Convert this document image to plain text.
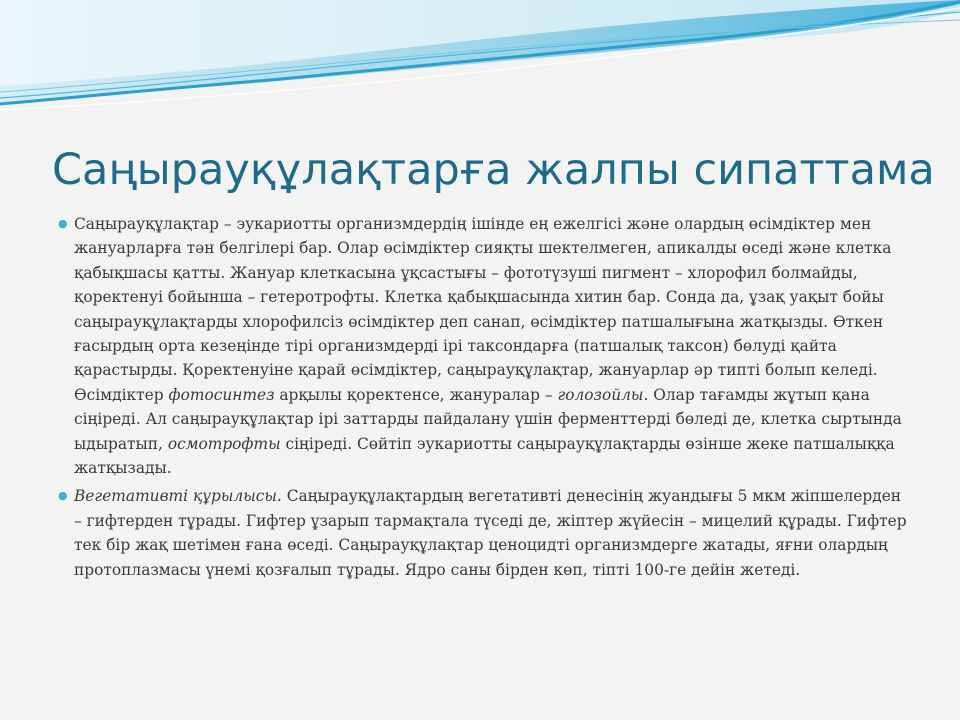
Саңырауқұлақтарға жалпы сипаттама
● Саңырауқұлақтар – эукариотты организмдердің ішінде ең ежелгісі және олардың өсімдіктер мен жануарларға тән белгілері бар. Олар өсімдіктер сияқты шектелмеген, апикалды өседі және клетка қабықшасы қатты. Жануар клеткасына ұқсастығы – фототүзуші пигмент – хлорофил болмайды, қоректенуі бойынша – гетеротрофты. Клетка қабықшасында хитин бар. Сонда да, ұзақ уақыт бойы саңырауқұлақтарды хлорофилсіз өсімдіктер деп санап, өсімдіктер патшалығына жатқызды. Өткен ғасырдың орта кезеңінде тірі организмдерді ірі таксондарға (патшалық таксон) бөлуді қайта қарастырды. Қоректенуіне қарай өсімдіктер, саңырауқұлақтар, жануарлар әр типті болып келеді. Өсімдіктер фотосинтез арқылы қоректенсе, жануралар – голозойлы. Олар тағамды жұтып қана сіңіреді. Ал саңырауқұлақтар ірі заттарды пайдалану үшін ферменттерді бөледі де, клетка сыртында ыдыратып, осмотрофты сіңіреді. Сөйтіп эукариотты саңырауқұлақтарды өзінше жеке патшалыққа жатқызады.

● Вегетативті құрылысы. Саңырауқұлақтардың вегетативті денесінің жуандығы 5 мкм жіпшелерден – гифтерден тұрады. Гифтер ұзарып тармақтала түседі де, жіптер жүйесін – мицелий құрады. Гифтер тек бір жақ шетімен ғана өседі. Саңырауқұлақтар ценоцидті организмдерге жатады, яғни олардың протоплазмасы үнемі қозғалып тұрады. Ядро саны бірден көп, тіпті 100-ге дейін жетеді.
